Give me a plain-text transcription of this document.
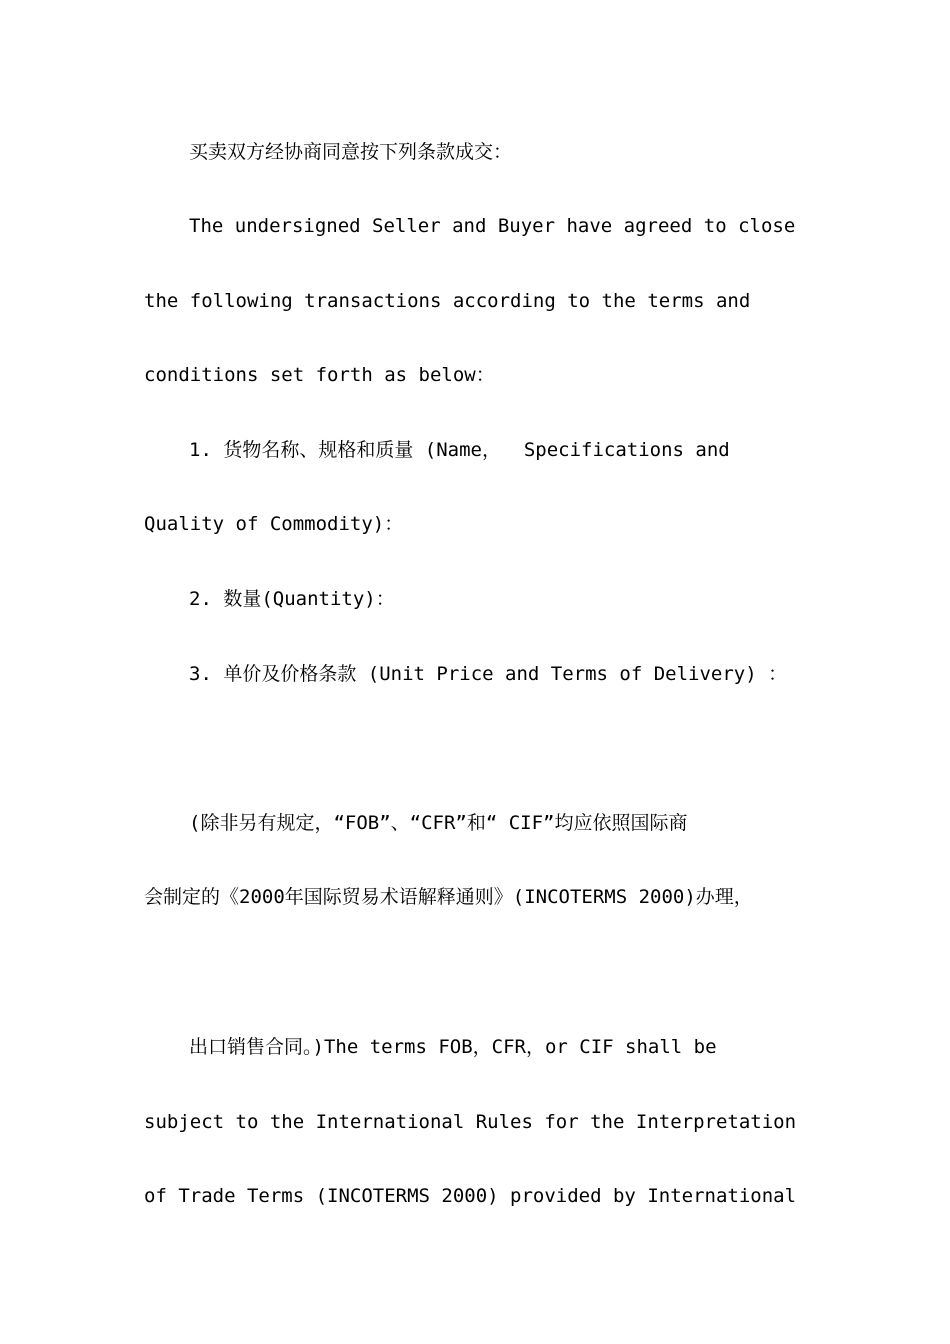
买卖双方经协商同意按下列条款成交：
The undersigned Seller and Buyer have agreed to close
the following transactions according to the terms and
conditions set forth as below：
1. 货物名称、规格和质量 (Name，  Specifications and
Quality of Commodity)：
2. 数量(Quantity)：
3. 单价及价格条款 (Unit Price and Terms of Delivery) ：
(除非另有规定，“FOB”、“CFR”和“ CIF”均应依照国际商
会制定的《2000年国际贸易术语解释通则》(INCOTERMS 2000)办理，
出口销售合同。)The terms FOB，CFR，or CIF shall be
subject to the International Rules for the Interpretation
of Trade Terms (INCOTERMS 2000) provided by International
